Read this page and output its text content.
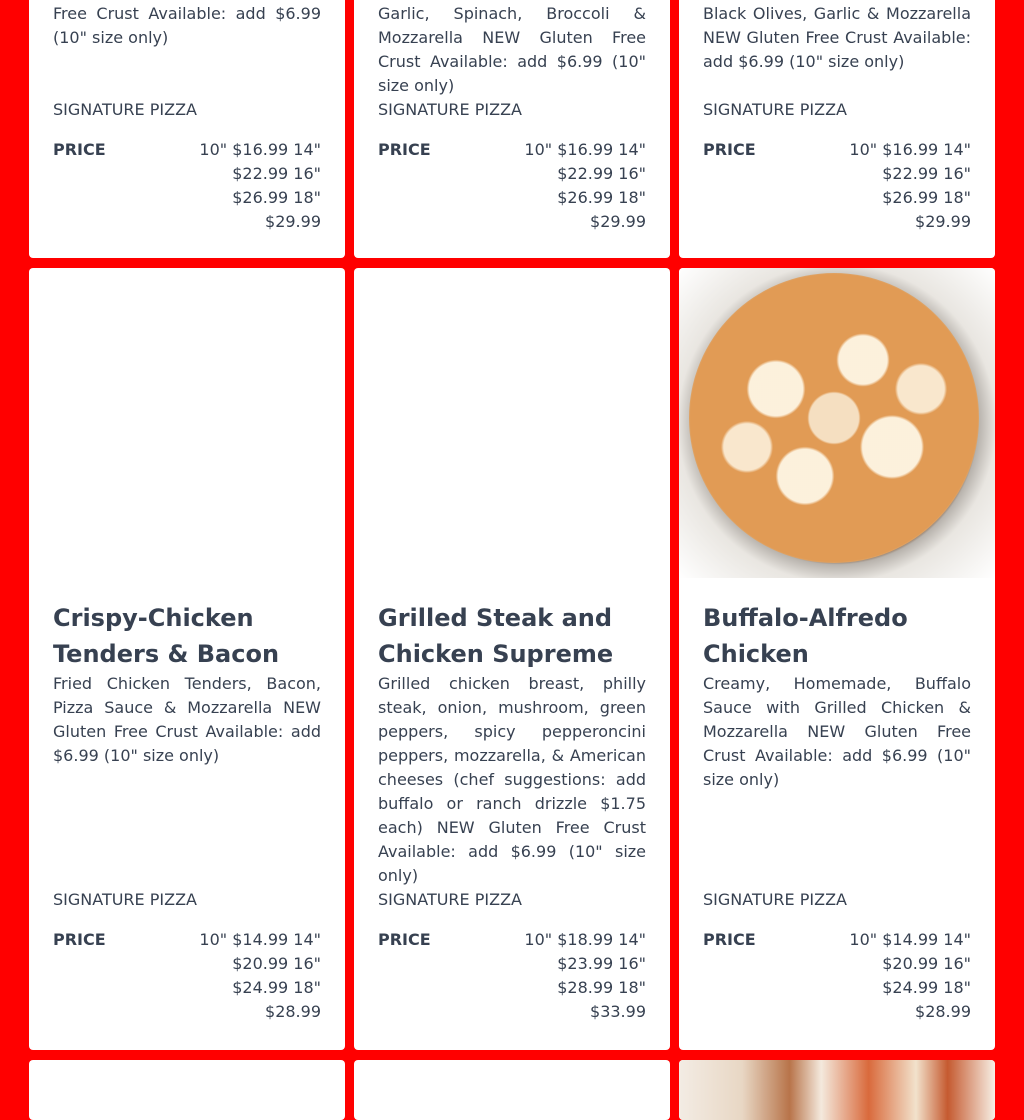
Free Crust Available: add $6.99 (10" size only)

SIGNATURE PIZZA

PRICE	10" $16.99 14" $22.99 16" $26.99 18" $29.99

Garlic, Spinach, Broccoli & Mozzarella NEW Gluten Free Crust Available: add $6.99 (10" size only)

SIGNATURE PIZZA

PRICE	10" $16.99 14" $22.99 16" $26.99 18" $29.99

Black Olives, Garlic & Mozzarella NEW Gluten Free Crust Available: add $6.99 (10" size only)

SIGNATURE PIZZA

PRICE	10" $16.99 14" $22.99 16" $26.99 18" $29.99
Crispy-Chicken Tenders & Bacon

Fried Chicken Tenders, Bacon, Pizza Sauce & Mozzarella NEW Gluten Free Crust Available: add $6.99 (10" size only)

SIGNATURE PIZZA

PRICE	10" $14.99 14" $20.99 16" $24.99 18" $28.99
Grilled Steak and Chicken Supreme

Grilled chicken breast, philly steak, onion, mushroom, green peppers, spicy pepperoncini peppers, mozzarella, & American cheeses (chef suggestions: add buffalo or ranch drizzle $1.75 each) NEW Gluten Free Crust Available: add $6.99 (10" size only)

SIGNATURE PIZZA

PRICE	10" $18.99 14" $23.99 16" $28.99 18" $33.99
Buffalo-Alfredo Chicken

Creamy, Homemade, Buffalo Sauce with Grilled Chicken & Mozzarella NEW Gluten Free Crust Available: add $6.99 (10" size only)

SIGNATURE PIZZA

PRICE	10" $14.99 14" $20.99 16" $24.99 18" $28.99
